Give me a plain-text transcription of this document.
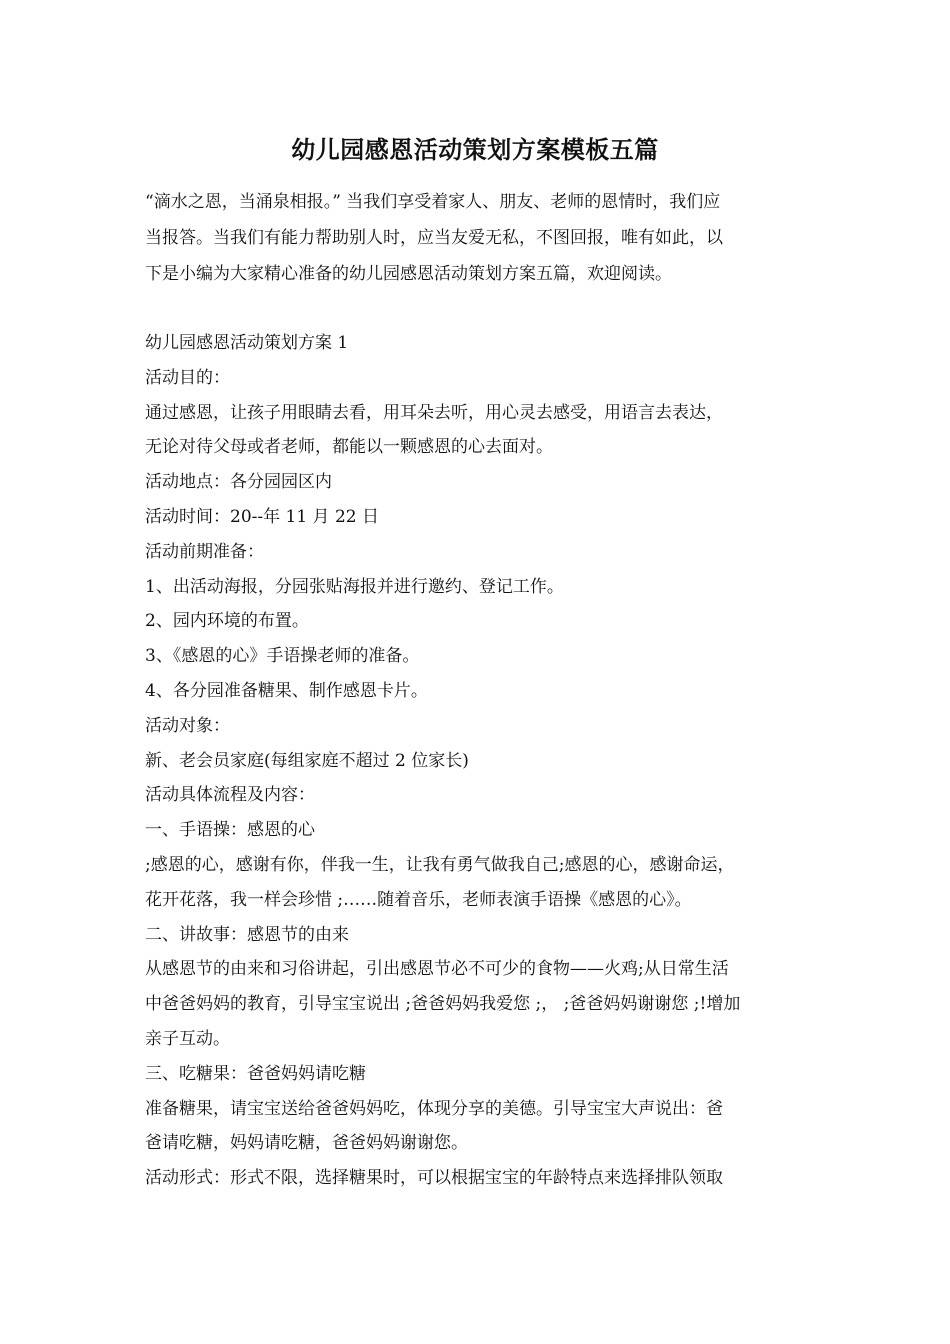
幼儿园感恩活动策划方案模板五篇

“滴水之恩，当涌泉相报。” 当我们享受着家人、朋友、老师的恩情时，我们应

当报答。当我们有能力帮助别人时，应当友爱无私，不图回报，唯有如此，以

下是小编为大家精心准备的幼儿园感恩活动策划方案五篇，欢迎阅读。

幼儿园感恩活动策划方案 1

活动目的：

通过感恩，让孩子用眼睛去看，用耳朵去听，用心灵去感受，用语言去表达，

无论对待父母或者老师，都能以一颗感恩的心去面对。

活动地点：各分园园区内

活动时间：20--年 11 月 22 日

活动前期准备：

1、出活动海报，分园张贴海报并进行邀约、登记工作。

2、园内环境的布置。

3、《感恩的心》手语操老师的准备。

4、各分园准备糖果、制作感恩卡片。

活动对象：

新、老会员家庭(每组家庭不超过 2 位家长)

活动具体流程及内容：

一、手语操：感恩的心

;感恩的心，感谢有你，伴我一生，让我有勇气做我自己;感恩的心，感谢命运，

花开花落，我一样会珍惜 ;……随着音乐，老师表演手语操《感恩的心》。

二、讲故事：感恩节的由来

从感恩节的由来和习俗讲起，引出感恩节必不可少的食物——火鸡;从日常生活

中爸爸妈妈的教育，引导宝宝说出 ;爸爸妈妈我爱您 ;， ;爸爸妈妈谢谢您 ;!增加

亲子互动。

三、吃糖果：爸爸妈妈请吃糖

准备糖果，请宝宝送给爸爸妈妈吃，体现分享的美德。引导宝宝大声说出：爸

爸请吃糖，妈妈请吃糖，爸爸妈妈谢谢您。

活动形式：形式不限，选择糖果时，可以根据宝宝的年龄特点来选择排队领取
